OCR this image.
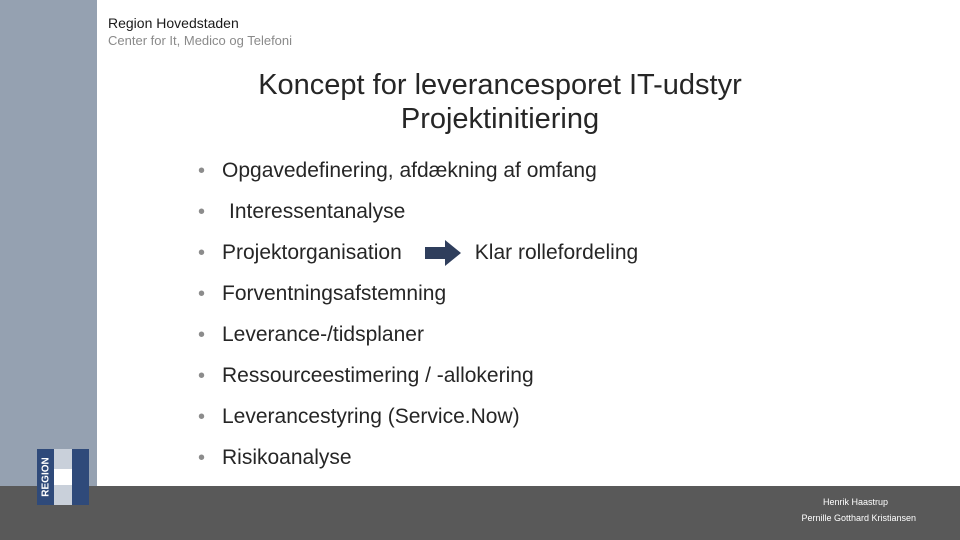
REGION
Region Hovedstaden
Center for It, Medico og Telefoni
Koncept for leverancesporet IT-udstyr
Projektinitiering
• Opgavedefinering, afdækning af omfang
•	Interessentanalyse
• Projektorganisation	Klar rollefordeling
• Forventningsafstemning
• Leverance-/tidsplaner
• Ressourceestimering / -allokering
• Leverancestyring (Service.Now)
• Risikoanalyse
Henrik Haastrup
Pernille Gotthard Kristiansen
